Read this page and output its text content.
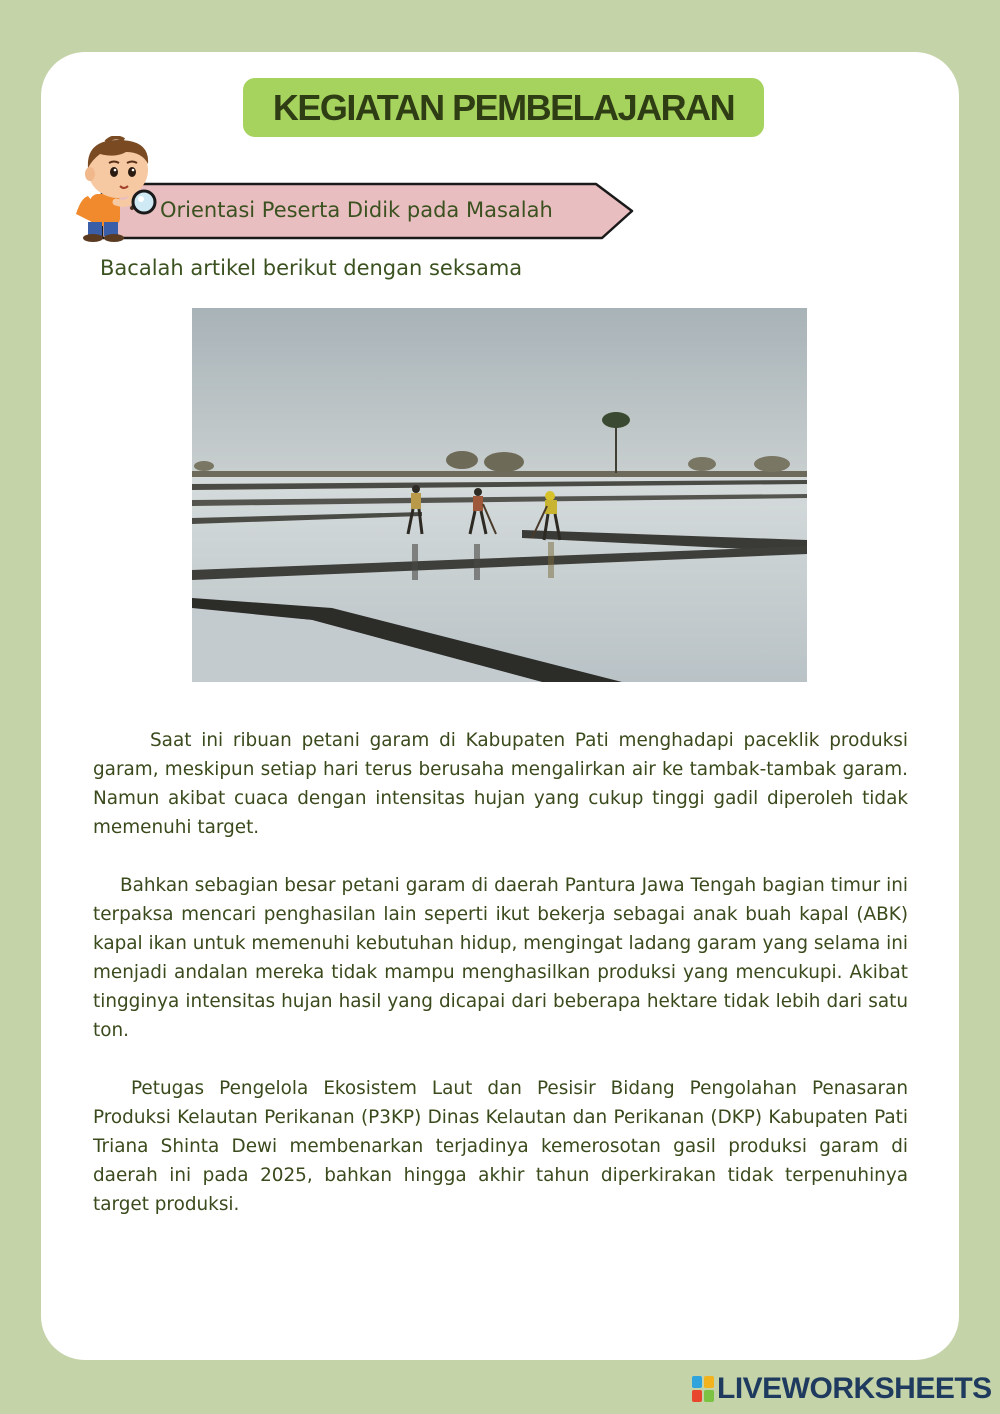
KEGIATAN PEMBELAJARAN
Orientasi Peserta Didik pada Masalah
Bacalah artikel berikut dengan seksama

Saat ini ribuan petani garam di Kabupaten Pati menghadapi paceklik produksi garam, meskipun setiap hari terus berusaha mengalirkan air ke tambak-tambak garam. Namun akibat cuaca dengan intensitas hujan yang cukup tinggi gadil diperoleh tidak memenuhi target.

Bahkan sebagian besar petani garam di daerah Pantura Jawa Tengah bagian timur ini terpaksa mencari penghasilan lain seperti ikut bekerja sebagai anak buah kapal (ABK) kapal ikan untuk memenuhi kebutuhan hidup, mengingat ladang garam yang selama ini menjadi andalan mereka tidak mampu menghasilkan produksi yang mencukupi. Akibat tingginya intensitas hujan hasil yang dicapai dari beberapa hektare tidak lebih dari satu ton.

Petugas Pengelola Ekosistem Laut dan Pesisir Bidang Pengolahan Penasaran Produksi Kelautan Perikanan (P3KP) Dinas Kelautan dan Perikanan (DKP) Kabupaten Pati Triana Shinta Dewi membenarkan terjadinya kemerosotan gasil produksi garam di daerah ini pada 2025, bahkan hingga akhir tahun diperkirakan tidak terpenuhinya target produksi.

LIVEWORKSHEETS
